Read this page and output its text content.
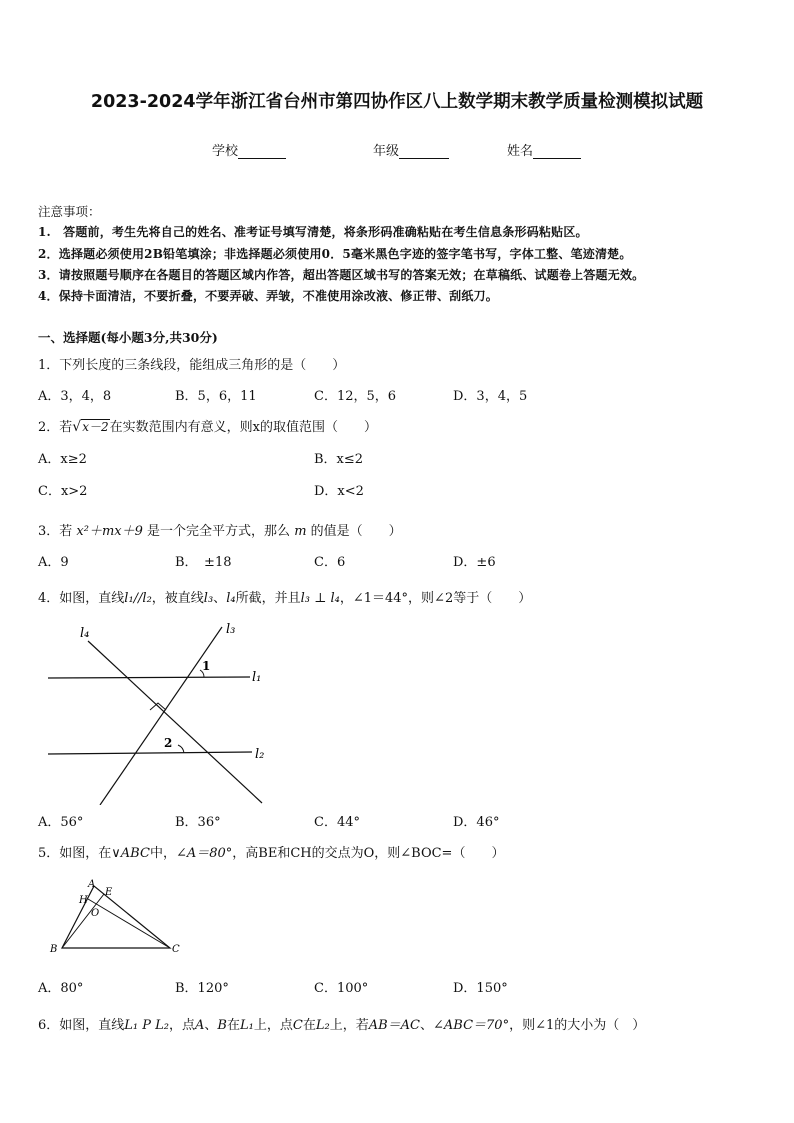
2023-2024学年浙江省台州市第四协作区八上数学期末教学质量检测模拟试题
学校	年级	姓名
注意事项：
1.　答题前，考生先将自己的姓名、准考证号填写清楚，将条形码准确粘贴在考生信息条形码粘贴区。
2．选择题必须使用2B铅笔填涂；非选择题必须使用0．5毫米黑色字迹的签字笔书写，字体工整、笔迹清楚。
3．请按照题号顺序在各题目的答题区域内作答，超出答题区域书写的答案无效；在草稿纸、试题卷上答题无效。
4．保持卡面清洁，不要折叠，不要弄破、弄皱，不准使用涂改液、修正带、刮纸刀。
一、选择题(每小题3分,共30分)
1．下列长度的三条线段，能组成三角形的是（　　）
A．3，4，8	B．5，6，11	C．12，5，6	D．3，4，5
2．若√x－2在实数范围内有意义，则x的取值范围（　　）
A．x≥2	B．x≤2
C．x>2	D．x<2
3．若 x²＋mx＋9 是一个完全平方式，那么 m 的值是（　　）
A．9	B．　±18	C．6	D．±6
4．如图，直线l₁//l₂，被直线l₃、l₄所截，并且l₃ ⊥ l₄，∠1＝44°，则∠2等于（　　）
1
2
l₁
l₂
l₃
l₄
A．56°	B．36°	C．44°	D．46°
5．如图，在∨ABC中，∠A＝80°，高BE和CH的交点为O，则∠BOC=（　　）
A
E
H
O
B	C
A．80°	B．120°	C．100°	D．150°
6．如图，直线L₁ P L₂，点A、B在L₁上，点C在L₂上，若AB＝AC、∠ABC＝70°，则∠1的大小为（　）
